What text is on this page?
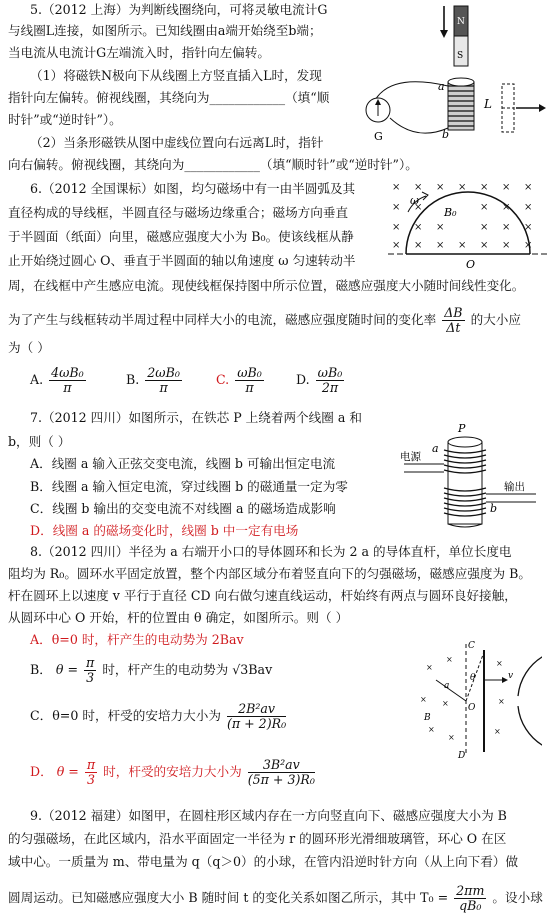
5.（2012 上海）为判断线圈绕向，可将灵敏电流计G
与线圈L连接，如图所示。已知线圈由a端开始绕至b端；
当电流从电流计G左端流入时，指针向左偏转。
（1）将磁铁N极向下从线圈上方竖直插入L时，发现
指针向左偏转。俯视线圈，其绕向为____________（填“顺
时针”或“逆时针”）。
（2）当条形磁铁从图中虚线位置向右远离L时，指针
向右偏转。俯视线圈，其绕向为____________（填“顺时针”或“逆时针”）。
N
S
a
b
L
G
6.（2012 全国课标）如图，均匀磁场中有一由半圆弧及其
直径构成的导线框，半圆直径与磁场边缘重合；磁场方向垂直
于半圆面（纸面）向里，磁感应强度大小为 B₀。使该线框从静
止开始绕过圆心 O、垂直于半圆面的轴以角速度 ω 匀速转动半
周，在线框中产生感应电流。现使线框保持图中所示位置，磁感应强度大小随时间线性变化。
为了产生与线框转动半周过程中同样大小的电流，磁感应强度随时间的变化率 $\frac{\Delta B}{\Delta t}$ 的大小应
为（ ）
A. $\frac{\text{4ωB₀}}{\pi}$	B. $\frac{\text{2ωB₀}}{\pi}$	C. $\frac{\text{ωB₀}}{\pi}$	D. $\frac{\text{ωB₀}}{2\pi}$
× × × × × × ×
× ×	× × ×
× × ×	× × ×
× × × × × × ×
ω
B₀
O
7.（2012 四川）如图所示，在铁芯 P 上绕着两个线圈 a 和
b，则（ ）
A．线圈 a 输入正弦交变电流，线圈 b 可输出恒定电流
B．线圈 a 输入恒定电流，穿过线圈 b 的磁通量一定为零
C．线圈 b 输出的交变电流不对线圈 a 的磁场造成影响
D．线圈 a 的磁场变化时，线圈 b 中一定有电场
P
a
b
电源
输出
8.（2012 四川）半径为 a 右端开小口的导体圆环和长为 2 a 的导体直杆，单位长度电
阻均为 R₀。圆环水平固定放置，整个内部区域分布着竖直向下的匀强磁场，磁感应强度为 B。
杆在圆环上以速度 v 平行于直径 CD 向右做匀速直线运动，杆始终有两点与圆环良好接触，
从圆环中心 O 开始，杆的位置由 θ 确定，如图所示。则（ ）
A．θ=0 时，杆产生的电动势为 2Bav
B． $\theta = \frac{\pi}{3}$ 时，杆产生的电动势为 √3Bav
C．θ=0 时，杆受的安培力大小为 $\frac{\text{2B²av}}{\text{(π + 2)R₀}}$
D． $\theta = \frac{\pi}{3}$ 时，杆受的安培力大小为 $\frac{\text{3B²av}}{\text{(5π + 3)R₀}}$
×
×	×
× ×	×
×
×
×
C
D
O
B
a
v
θ
9.（2012 福建）如图甲，在圆柱形区域内存在一方向竖直向下、磁感应强度大小为 B
的匀强磁场，在此区域内，沿水平面固定一半径为 r 的圆环形光滑细玻璃管，环心 O 在区
域中心。一质量为 m、带电量为 q（q＞0）的小球，在管内沿逆时针方向（从上向下看）做
圆周运动。已知磁感应强度大小 B 随时间 t 的变化关系如图乙所示，其中 $T_0 = \frac{2\pi m}{\text{qB₀}}$ 。设小球
